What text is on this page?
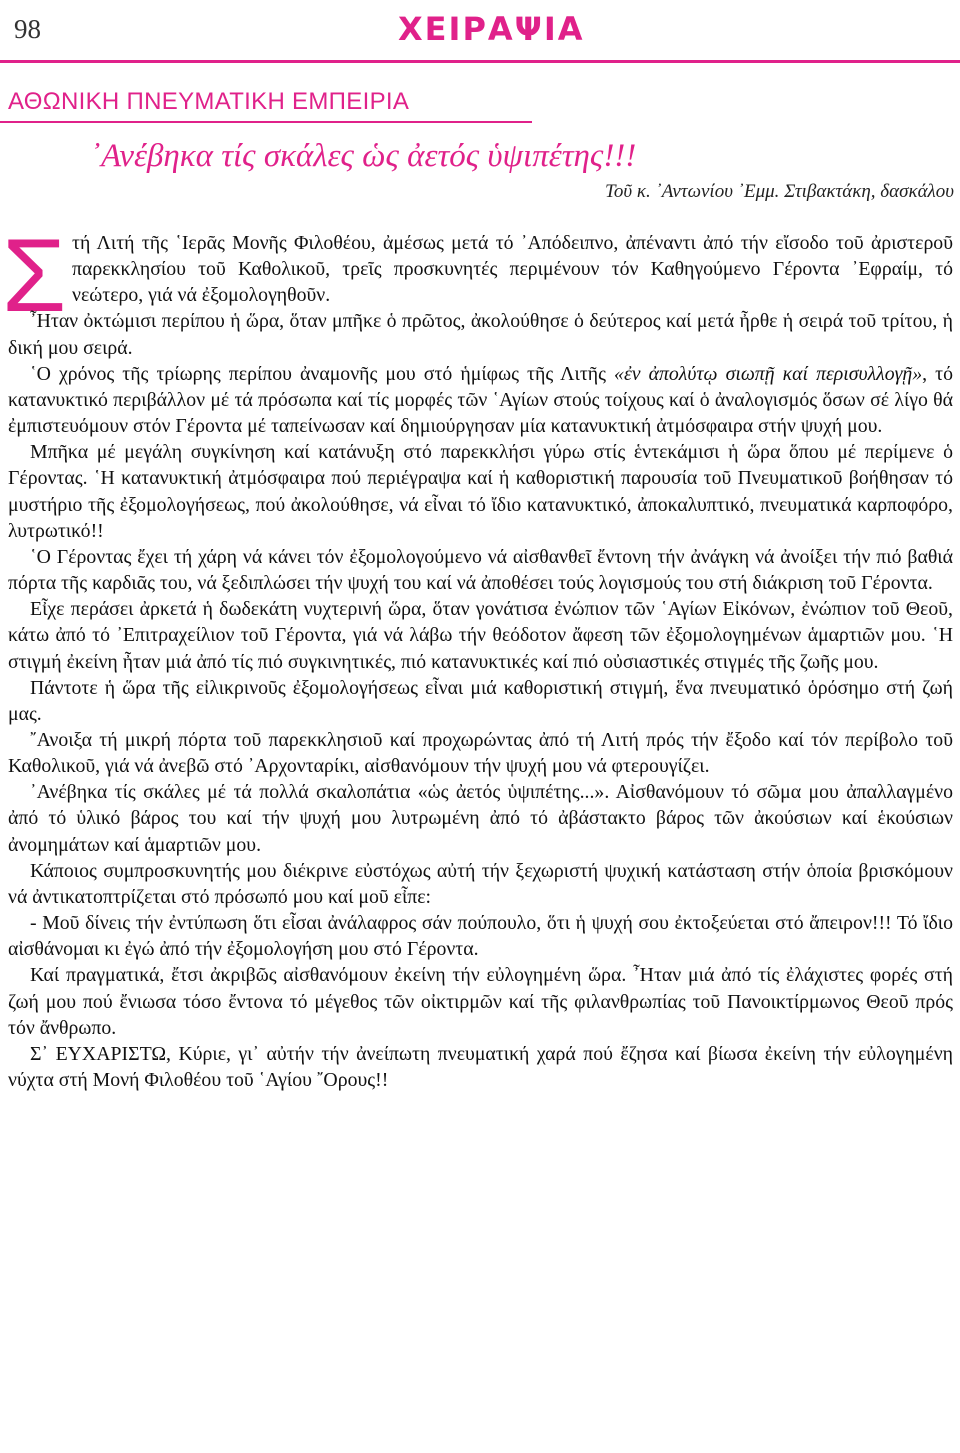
98	ΧΕΙΡΑΨΙΑ
ΑΘΩΝΙΚΗ ΠΝΕΥΜΑΤΙΚΗ ΕΜΠΕΙΡΙΑ
᾿Ανέβηκα τίς σκάλες ὡς ἀετός ὑψιπέτης!!!
Τοῦ κ. ᾿Αντωνίου ᾿Εμμ. Στιβακτάκη, δασκάλου
Σ τή Λιτή τῆς ῾Ιερᾶς Μονῆς Φιλοθέου, ἀμέσως μετά τό ᾿Απόδειπνο, ἀπέναντι ἀπό τήν εἴσοδο τοῦ ἀριστεροῦ παρεκκλησίου τοῦ Καθολικοῦ, τρεῖς προσκυνητές περιμένουν τόν Καθηγούμενο Γέροντα ᾿Εφραίμ, τό νεώτερο, γιά νά ἐξομολογηθοῦν.

῏Ηταν ὀκτώμισι περίπου ἡ ὥρα, ὅταν μπῆκε ὁ πρῶτος, ἀκολούθησε ὁ δεύτερος καί μετά ἦρθε ἡ σειρά τοῦ τρίτου, ἡ δική μου σειρά.

῾Ο χρόνος τῆς τρίωρης περίπου ἀναμονῆς μου στό ἡμίφως τῆς Λιτῆς «ἐν ἀπολύτῳ σιωπῇ καί περισυλλογῇ», τό κατανυκτικό περιβάλλον μέ τά πρόσωπα καί τίς μορφές τῶν ῾Αγίων στούς τοίχους καί ὁ ἀναλογισμός ὅσων σέ λίγο θά ἐμπιστευόμουν στόν Γέροντα μέ ταπείνωσαν καί δημιούργησαν μία κατανυκτική ἀτμόσφαιρα στήν ψυχή μου.

Μπῆκα μέ μεγάλη συγκίνηση καί κατάνυξη στό παρεκκλήσι γύρω στίς ἑντεκάμισι ἡ ὥρα ὅπου μέ περίμενε ὁ Γέροντας. ῾Η κατανυκτική ἀτμόσφαιρα πού περιέγραψα καί ἡ καθοριστική παρουσία τοῦ Πνευματικοῦ βοήθησαν τό μυστήριο τῆς ἐξομολογήσεως, πού ἀκολούθησε, νά εἶναι τό ἴδιο κατανυκτικό, ἀποκαλυπτικό, πνευματικά καρποφόρο, λυτρωτικό!!

῾Ο Γέροντας ἔχει τή χάρη νά κάνει τόν ἐξομολογούμενο νά αἰσθανθεῖ ἔντονη τήν ἀνάγκη νά ἀνοίξει τήν πιό βαθιά πόρτα τῆς καρδιᾶς του, νά ξεδιπλώσει τήν ψυχή του καί νά ἀποθέσει τούς λογισμούς του στή διάκριση τοῦ Γέροντα.

Εἶχε περάσει ἀρκετά ἡ δωδεκάτη νυχτερινή ὥρα, ὅταν γονάτισα ἐνώπιον τῶν ῾Αγίων Εἰκόνων, ἐνώπιον τοῦ Θεοῦ, κάτω ἀπό τό ᾿Επιτραχείλιον τοῦ Γέροντα, γιά νά λάβω τήν θεόδοτον ἄφεση τῶν ἐξομολογημένων ἁμαρτιῶν μου. ῾Η στιγμή ἐκείνη ἦταν μιά ἀπό τίς πιό συγκινητικές, πιό κατανυκτικές καί πιό οὐσιαστικές στιγμές τῆς ζωῆς μου.

Πάντοτε ἡ ὥρα τῆς εἰλικρινοῦς ἐξομολογήσεως εἶναι μιά καθοριστική στιγμή, ἕνα πνευματικό ὁρόσημο στή ζωή μας.

῎Ανοιξα τή μικρή πόρτα τοῦ παρεκκλησιοῦ καί προχωρώντας ἀπό τή Λιτή πρός τήν ἔξοδο καί τόν περίβολο τοῦ Καθολικοῦ, γιά νά ἀνεβῶ στό ᾿Αρχονταρίκι, αἰσθανόμουν τήν ψυχή μου νά φτερουγίζει.

᾿Ανέβηκα τίς σκάλες μέ τά πολλά σκαλοπάτια «ὡς ἀετός ὑψιπέτης...». Αἰσθανόμουν τό σῶμα μου ἀπαλλαγμένο ἀπό τό ὑλικό βάρος του καί τήν ψυχή μου λυτρωμένη ἀπό τό ἀβάστακτο βάρος τῶν ἀκούσιων καί ἑκούσιων ἀνομημάτων καί ἁμαρτιῶν μου.

Κάποιος συμπροσκυνητής μου διέκρινε εὐστόχως αὐτή τήν ξεχωριστή ψυχική κατάσταση στήν ὁποία βρισκόμουν νά ἀντικατοπτρίζεται στό πρόσωπό μου καί μοῦ εἶπε:

- Μοῦ δίνεις τήν ἐντύπωση ὅτι εἶσαι ἀνάλαφρος σάν πούπουλο, ὅτι ἡ ψυχή σου ἐκτοξεύεται στό ἄπειρον!!! Τό ἴδιο αἰσθάνομαι κι ἐγώ ἀπό τήν ἐξομολογήση μου στό Γέροντα.

Καί πραγματικά, ἔτσι ἀκριβῶς αἰσθανόμουν ἐκείνη τήν εὐλογημένη ὥρα. ῏Ηταν μιά ἀπό τίς ἐλάχιστες φορές στή ζωή μου πού ἔνιωσα τόσο ἔντονα τό μέγεθος τῶν οἰκτιρμῶν καί τῆς φιλανθρωπίας τοῦ Πανοικτίρμωνος Θεοῦ πρός τόν ἄνθρωπο.

Σ᾿ ΕΥΧΑΡΙΣΤΩ, Κύριε, γι᾿ αὐτήν τήν ἀνείπωτη πνευματική χαρά πού ἔζησα καί βίωσα ἐκείνη τήν εὐλογημένη νύχτα στή Μονή Φιλοθέου τοῦ ῾Αγίου ῎Ορους!!
